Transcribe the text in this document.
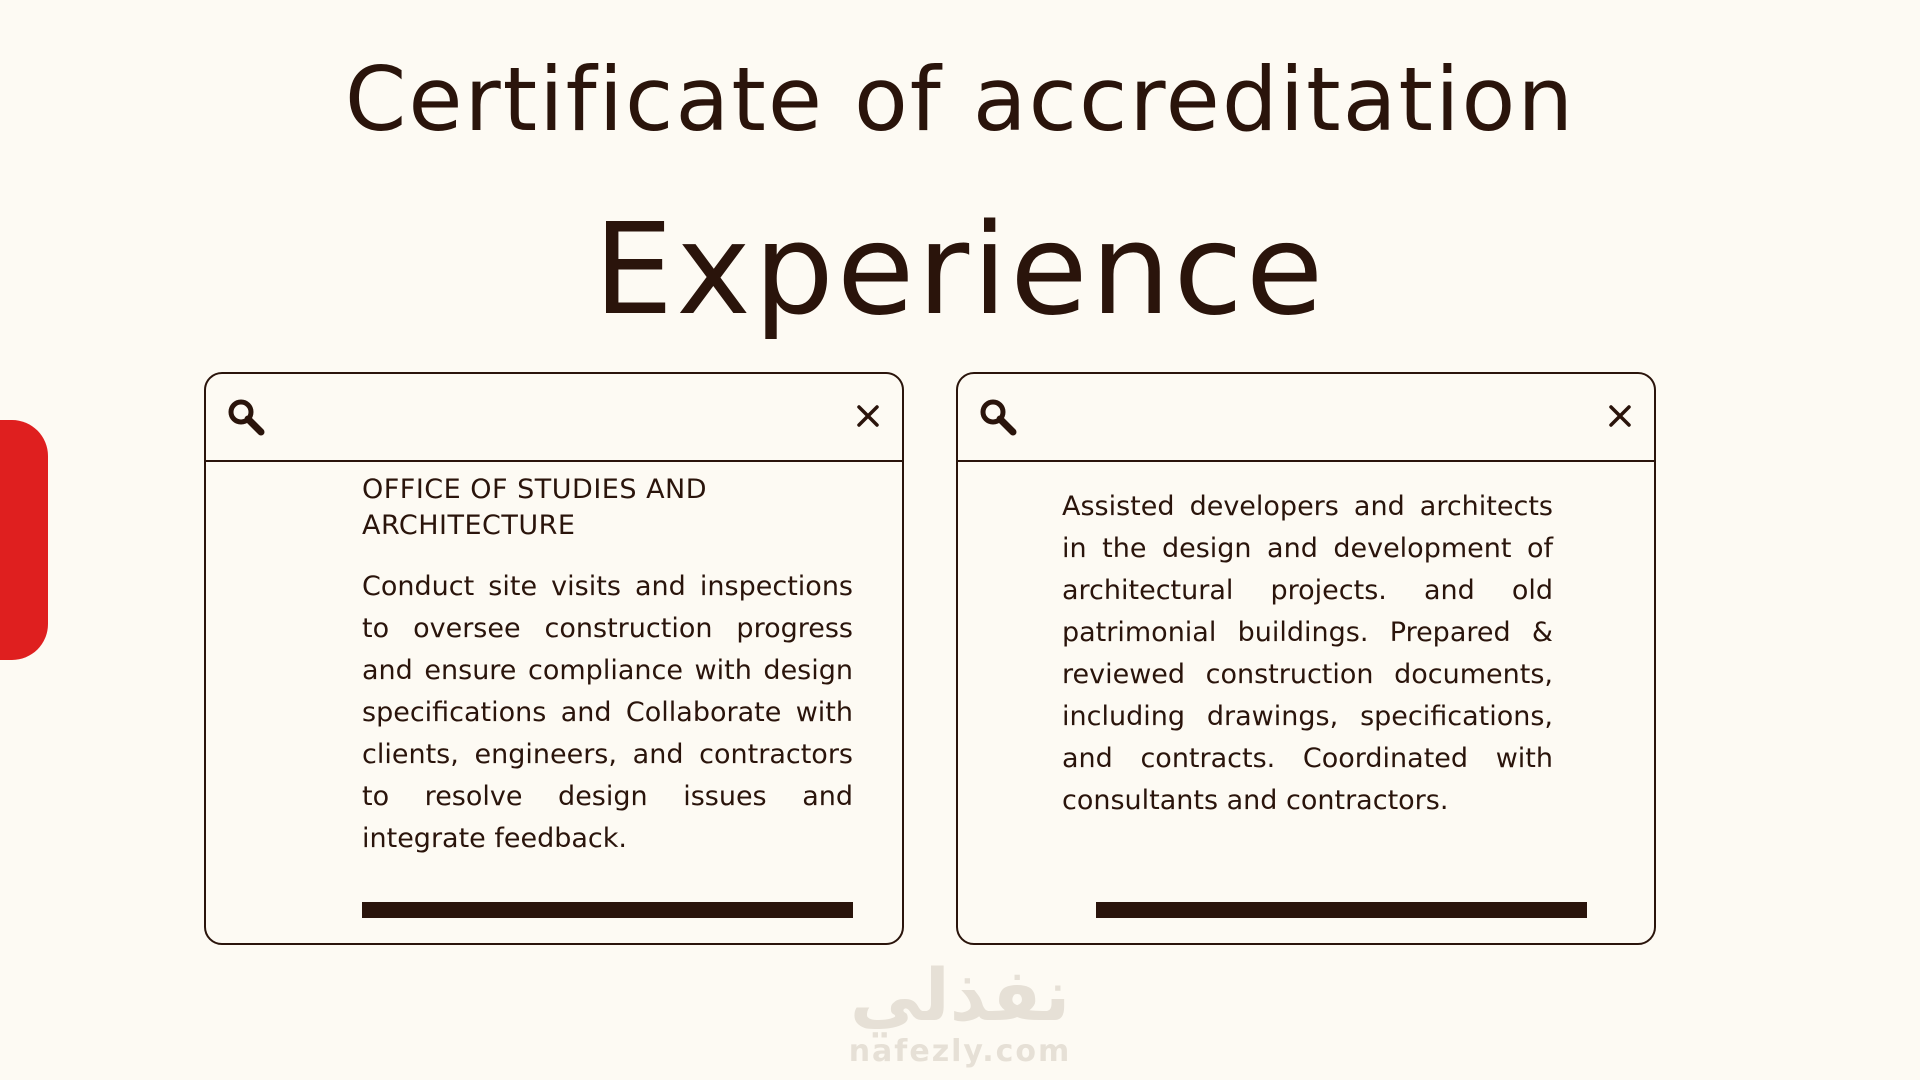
Certificate of accreditation
Experience
OFFICE OF STUDIES AND ARCHITECTURE

Conduct site visits and inspections to oversee construction progress and ensure compliance with design specifications and Collaborate with clients, engineers, and contractors to resolve design issues and integrate feedback.

Assisted developers and architects in the design and development of architectural projects. and old patrimonial buildings. Prepared & reviewed construction documents, including drawings, specifications, and contracts. Coordinated with consultants and contractors.

نفذلي
nafezly.com
